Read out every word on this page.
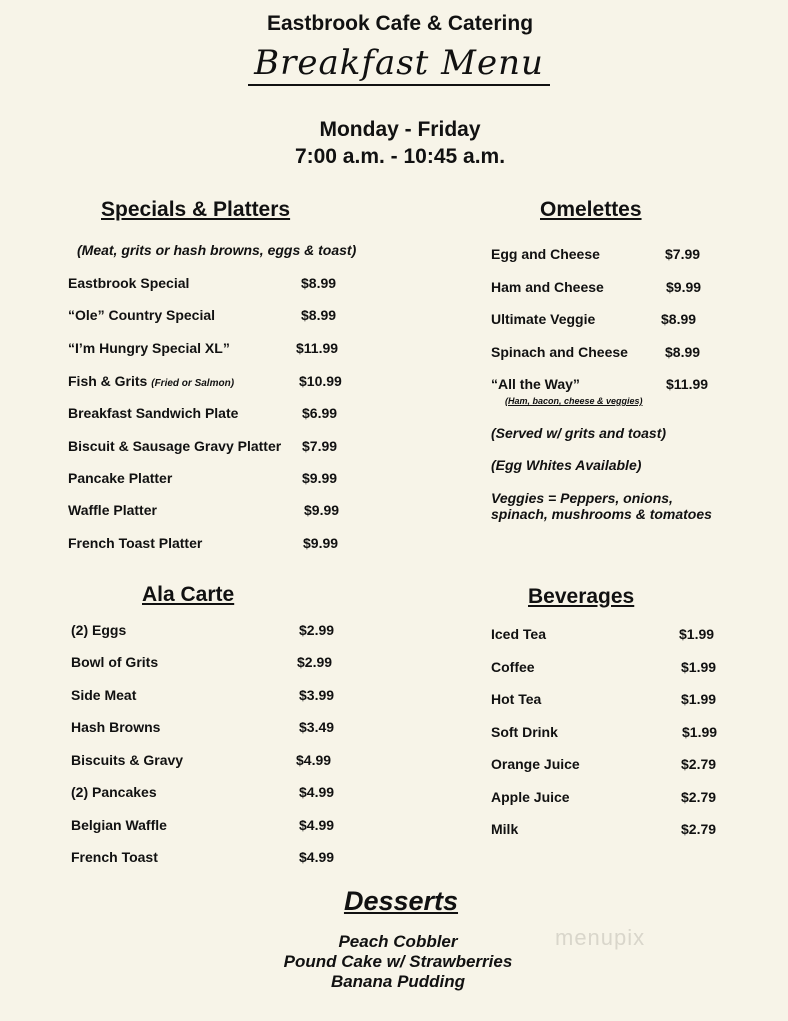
Eastbrook Cafe & Catering
Breakfast Menu
Monday - Friday
7:00 a.m. - 10:45 a.m.
Specials & Platters
(Meat, grits or hash browns, eggs & toast)
Eastbrook Special	$8.99
“Ole” Country Special	$8.99
“I’m Hungry Special XL”	$11.99
Fish & Grits (Fried or Salmon)	$10.99
Breakfast Sandwich Plate	$6.99
Biscuit & Sausage Gravy Platter $7.99
Pancake Platter	$9.99
Waffle Platter	$9.99
French Toast Platter	$9.99
Omelettes
Egg and Cheese	$7.99
Ham and Cheese	$9.99
Ultimate Veggie	$8.99
Spinach and Cheese	$8.99
“All the Way”	$11.99
(Ham, bacon, cheese & veggies)
(Served w/ grits and toast)
(Egg Whites Available)
Veggies = Peppers, onions,
spinach, mushrooms & tomatoes
Ala Carte
(2) Eggs	$2.99
Bowl of Grits	$2.99
Side Meat	$3.99
Hash Browns	$3.49
Biscuits & Gravy	$4.99
(2) Pancakes	$4.99
Belgian Waffle	$4.99
French Toast	$4.99
Beverages
Iced Tea	$1.99
Coffee	$1.99
Hot Tea	$1.99
Soft Drink	$1.99
Orange Juice	$2.79
Apple Juice	$2.79
Milk	$2.79
Desserts
Peach Cobbler
Pound Cake w/ Strawberries
Banana Pudding
menupix
